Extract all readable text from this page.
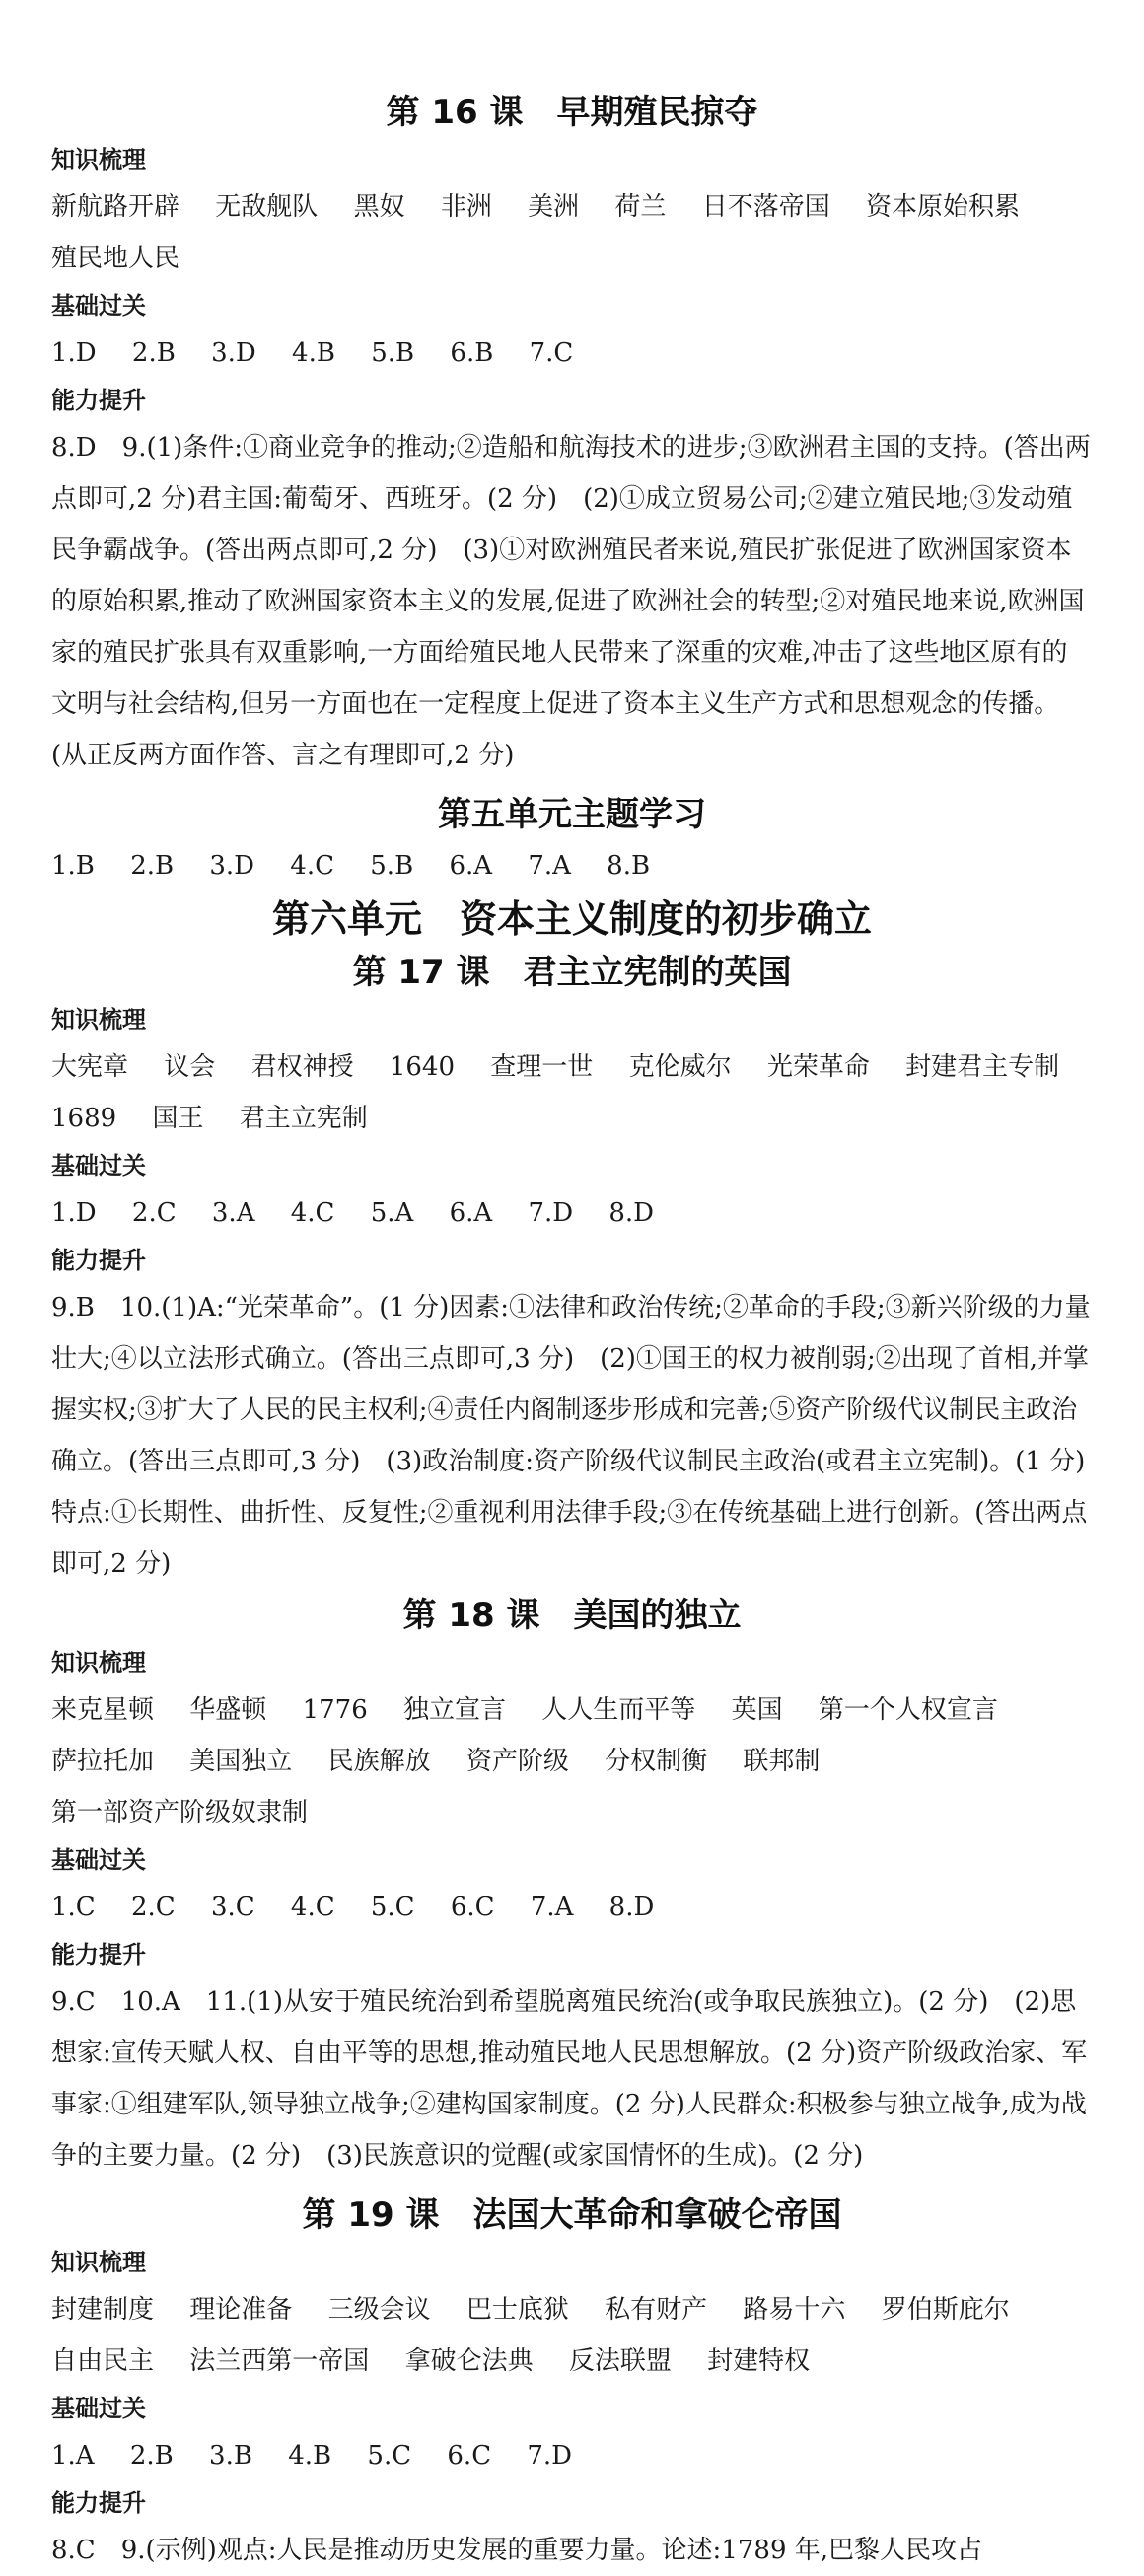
第 16 课　早期殖民掠夺
知识梳理
新航路开辟 无敌舰队 黑奴 非洲 美洲 荷兰 日不落帝国 资本原始积累 殖民地人民
基础过关
1.D 2.B 3.D 4.B 5.B 6.B 7.C
能力提升
8.D　9.(1)条件:①商业竞争的推动;②造船和航海技术的进步;③欧洲君主国的支持。(答出两点即可,2 分)君主国:葡萄牙、西班牙。(2 分)　(2)①成立贸易公司;②建立殖民地;③发动殖民争霸战争。(答出两点即可,2 分)　(3)①对欧洲殖民者来说,殖民扩张促进了欧洲国家资本的原始积累,推动了欧洲国家资本主义的发展,促进了欧洲社会的转型;②对殖民地来说,欧洲国家的殖民扩张具有双重影响,一方面给殖民地人民带来了深重的灾难,冲击了这些地区原有的文明与社会结构,但另一方面也在一定程度上促进了资本主义生产方式和思想观念的传播。(从正反两方面作答、言之有理即可,2 分)
第五单元主题学习
1.B 2.B 3.D 4.C 5.B 6.A 7.A 8.B
第六单元　资本主义制度的初步确立
第 17 课　君主立宪制的英国
知识梳理
大宪章 议会 君权神授 1640 查理一世 克伦威尔 光荣革命 封建君主专制 1689 国王 君主立宪制
基础过关
1.D 2.C 3.A 4.C 5.A 6.A 7.D 8.D
能力提升
9.B　10.(1)A:“光荣革命”。(1 分)因素:①法律和政治传统;②革命的手段;③新兴阶级的力量壮大;④以立法形式确立。(答出三点即可,3 分)　(2)①国王的权力被削弱;②出现了首相,并掌握实权;③扩大了人民的民主权利;④责任内阁制逐步形成和完善;⑤资产阶级代议制民主政治确立。(答出三点即可,3 分)　(3)政治制度:资产阶级代议制民主政治(或君主立宪制)。(1 分)特点:①长期性、曲折性、反复性;②重视利用法律手段;③在传统基础上进行创新。(答出两点即可,2 分)
第 18 课　美国的独立
知识梳理
来克星顿 华盛顿 1776 独立宣言 人人生而平等 英国 第一个人权宣言 萨拉托加 美国独立 民族解放 资产阶级 分权制衡 联邦制 第一部资产阶级奴隶制
基础过关
1.C 2.C 3.C 4.C 5.C 6.C 7.A 8.D
能力提升
9.C　10.A　11.(1)从安于殖民统治到希望脱离殖民统治(或争取民族独立)。(2 分)　(2)思想家:宣传天赋人权、自由平等的思想,推动殖民地人民思想解放。(2 分)资产阶级政治家、军事家:①组建军队,领导独立战争;②建构国家制度。(2 分)人民群众:积极参与独立战争,成为战争的主要力量。(2 分)　(3)民族意识的觉醒(或家国情怀的生成)。(2 分)
第 19 课　法国大革命和拿破仑帝国
知识梳理
封建制度 理论准备 三级会议 巴士底狱 私有财产 路易十六 罗伯斯庇尔 自由民主 法兰西第一帝国 拿破仑法典 反法联盟 封建特权
基础过关
1.A 2.B 3.B 4.B 5.C 6.C 7.D
能力提升
8.C　9.(示例)观点:人民是推动历史发展的重要力量。论述:1789 年,巴黎人民攻占
